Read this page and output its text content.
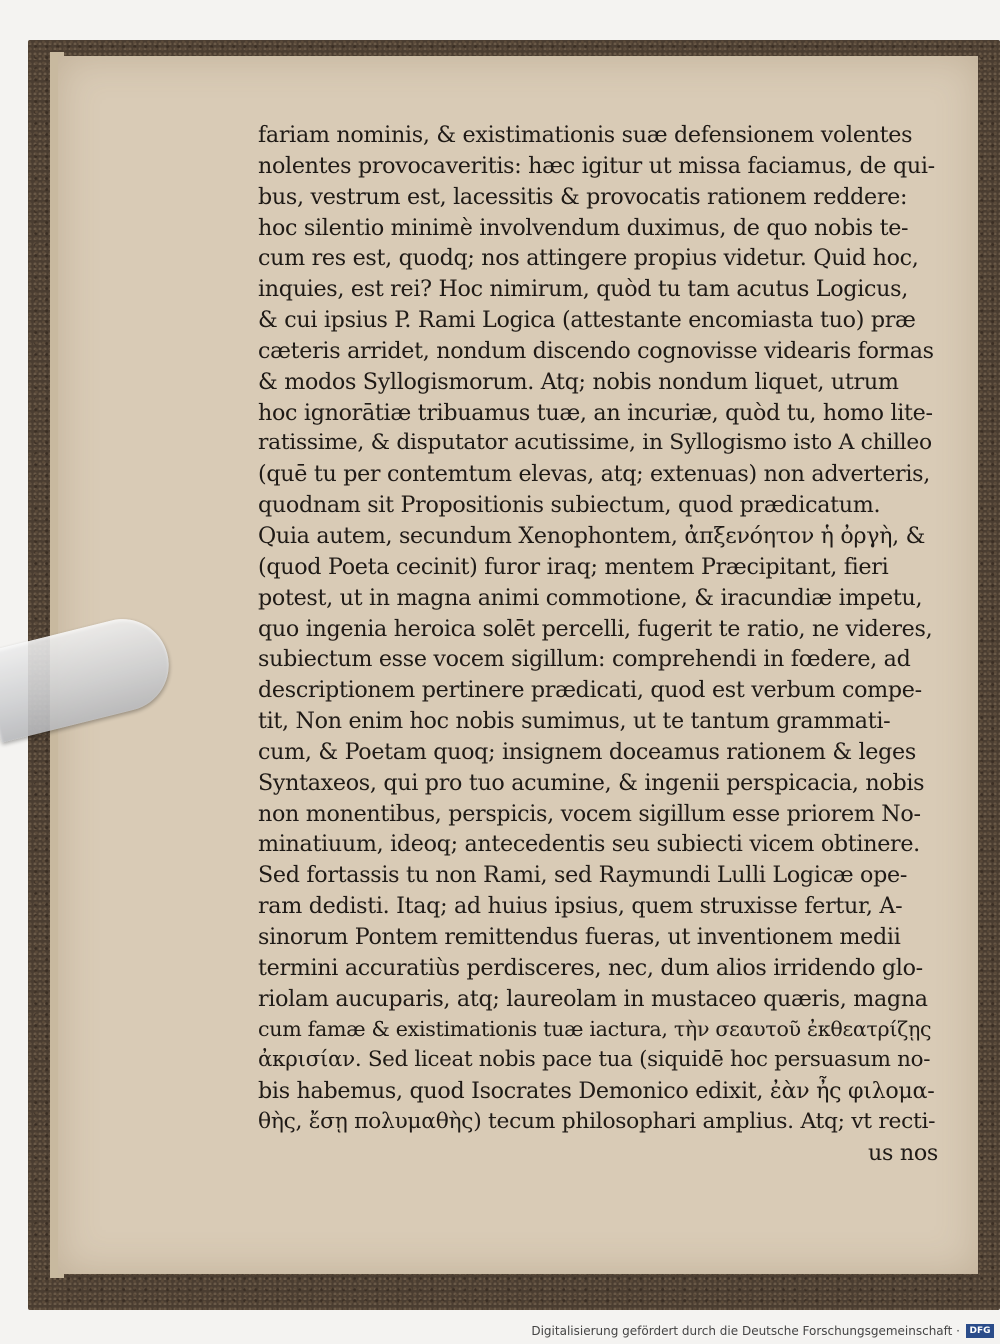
fariam nominis, & existimationis suæ defensionem volentes
nolentes provocaveritis: hæc igitur ut missa faciamus, de qui-
bus, vestrum est, lacessitis & provocatis rationem reddere:
hoc silentio minimè involvendum duximus, de quo nobis te-
cum res est, quodq; nos attingere propius videtur. Quid hoc,
inquies, est rei? Hoc nimirum, quòd tu tam acutus Logicus,
& cui ipsius P. Rami Logica (attestante encomiasta tuo) præ
cæteris arridet, nondum discendo cognovisse videaris formas
& modos Syllogismorum. Atq; nobis nondum liquet, utrum
hoc ignorātiæ tribuamus tuæ, an incuriæ, quòd tu, homo lite-
ratissime, & disputator acutissime, in Syllogismo isto A chilleo
(quē tu per contemtum elevas, atq; extenuas) non adverteris,
quodnam sit Propositionis subiectum, quod prædicatum.
Quia autem, secundum Xenophontem, ἀπξενόητον ἡ ὀργὴ, &
(quod Poeta cecinit) furor iraq; mentem Præcipitant, fieri
potest, ut in magna animi commotione, & iracundiæ impetu,
quo ingenia heroica solēt percelli, fugerit te ratio, ne videres,
subiectum esse vocem sigillum: comprehendi in fœdere, ad
descriptionem pertinere prædicati, quod est verbum compe-
tit, Non enim hoc nobis sumimus, ut te tantum grammati-
cum, & Poetam quoq; insignem doceamus rationem & leges
Syntaxeos, qui pro tuo acumine, & ingenii perspicacia, nobis
non monentibus, perspicis, vocem sigillum esse priorem No-
minatiuum, ideoq; antecedentis seu subiecti vicem obtinere.
Sed fortassis tu non Rami, sed Raymundi Lulli Logicæ ope-
ram dedisti. Itaq; ad huius ipsius, quem struxisse fertur, A-
sinorum Pontem remittendus fueras, ut inventionem medii
termini accuratiùs perdisceres, nec, dum alios irridendo glo-
riolam aucuparis, atq; laureolam in mustaceo quæris, magna
cum famæ & existimationis tuæ iactura, τὴν σεαυτοῦ ἐκθεατρίζῃς
ἀκρισίαν. Sed liceat nobis pace tua (siquidē hoc persuasum no-
bis habemus, quod Isocrates Demonico edixit, ἐὰν ἦς φιλομα-
θὴς, ἔσῃ πολυμαθὴς) tecum philosophari amplius. Atq; vt recti-
us nos
Digitalisierung gefördert durch die Deutsche Forschungsgemeinschaft ·	DFG
